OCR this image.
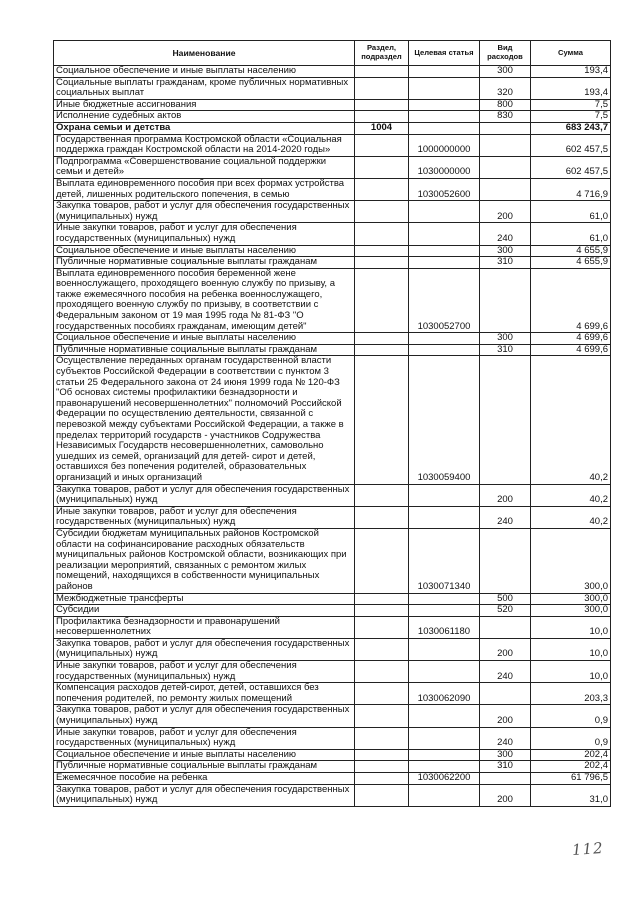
Наименование	Раздел, подраздел	Целевая статья	Вид расходов	Сумма
Социальное обеспечение и иные выплаты населению			300	193,4
Социальные выплаты гражданам, кроме публичных нормативных социальных выплат			320	193,4
Иные бюджетные ассигнования			800	7,5
Исполнение судебных актов			830	7,5
Охрана семьи и детства	1004			683 243,7
Государственная программа Костромской области «Социальная поддержка граждан Костромской области на 2014-2020 годы»		1000000000		602 457,5
Подпрограмма «Совершенствование социальной поддержки семьи и детей»		1030000000		602 457,5
Выплата единовременного пособия при всех формах устройства детей, лишенных родительского попечения, в семью		1030052600		4 716,9
Закупка товаров, работ и услуг для обеспечения государственных (муниципальных) нужд			200	61,0
Иные закупки товаров, работ и услуг для обеспечения государственных (муниципальных) нужд			240	61,0
Социальное обеспечение и иные выплаты населению			300	4 655,9
Публичные нормативные социальные выплаты гражданам			310	4 655,9
Выплата единовременного пособия беременной жене военнослужащего, проходящего военную службу по призыву, а также ежемесячного пособия на ребенка военнослужащего, проходящего военную службу по призыву, в соответствии с Федеральным законом от 19 мая 1995 года № 81-ФЗ "О государственных пособиях гражданам, имеющим детей"		1030052700		4 699,6
Социальное обеспечение и иные выплаты населению			300	4 699,6
Публичные нормативные социальные выплаты гражданам			310	4 699,6
Осуществление переданных органам государственной власти субъектов Российской Федерации в соответствии с пунктом 3 статьи 25 Федерального закона от 24 июня 1999 года № 120-ФЗ "Об основах системы профилактики безнадзорности и правонарушений несовершеннолетних" полномочий Российской Федерации по осуществлению деятельности, связанной с перевозкой между субъектами Российской Федерации, а также в пределах территорий государств - участников Содружества Независимых Государств несовершеннолетних, самовольно ушедших из семей, организаций для детей- сирот и детей, оставшихся без попечения родителей, образовательных организаций и иных организаций		1030059400		40,2
Закупка товаров, работ и услуг для обеспечения государственных (муниципальных) нужд			200	40,2
Иные закупки товаров, работ и услуг для обеспечения государственных (муниципальных) нужд			240	40,2
Субсидии бюджетам муниципальных районов Костромской области на софинансирование расходных обязательств муниципальных районов Костромской области, возникающих при реализации мероприятий, связанных с ремонтом жилых помещений, находящихся в собственности муниципальных районов		1030071340		300,0
Межбюджетные трансферты			500	300,0
Субсидии			520	300,0
Профилактика безнадзорности и правонарушений несовершеннолетних		1030061180		10,0
Закупка товаров, работ и услуг для обеспечения государственных (муниципальных) нужд			200	10,0
Иные закупки товаров, работ и услуг для обеспечения государственных (муниципальных) нужд			240	10,0
Компенсация расходов детей-сирот, детей, оставшихся без попечения родителей, по ремонту жилых помещений		1030062090		203,3
Закупка товаров, работ и услуг для обеспечения государственных (муниципальных) нужд			200	0,9
Иные закупки товаров, работ и услуг для обеспечения государственных (муниципальных) нужд			240	0,9
Социальное обеспечение и иные выплаты населению			300	202,4
Публичные нормативные социальные выплаты гражданам			310	202,4
Ежемесячное пособие на ребенка		1030062200		61 796,5
Закупка товаров, работ и услуг для обеспечения государственных (муниципальных) нужд			200	31,0
112
